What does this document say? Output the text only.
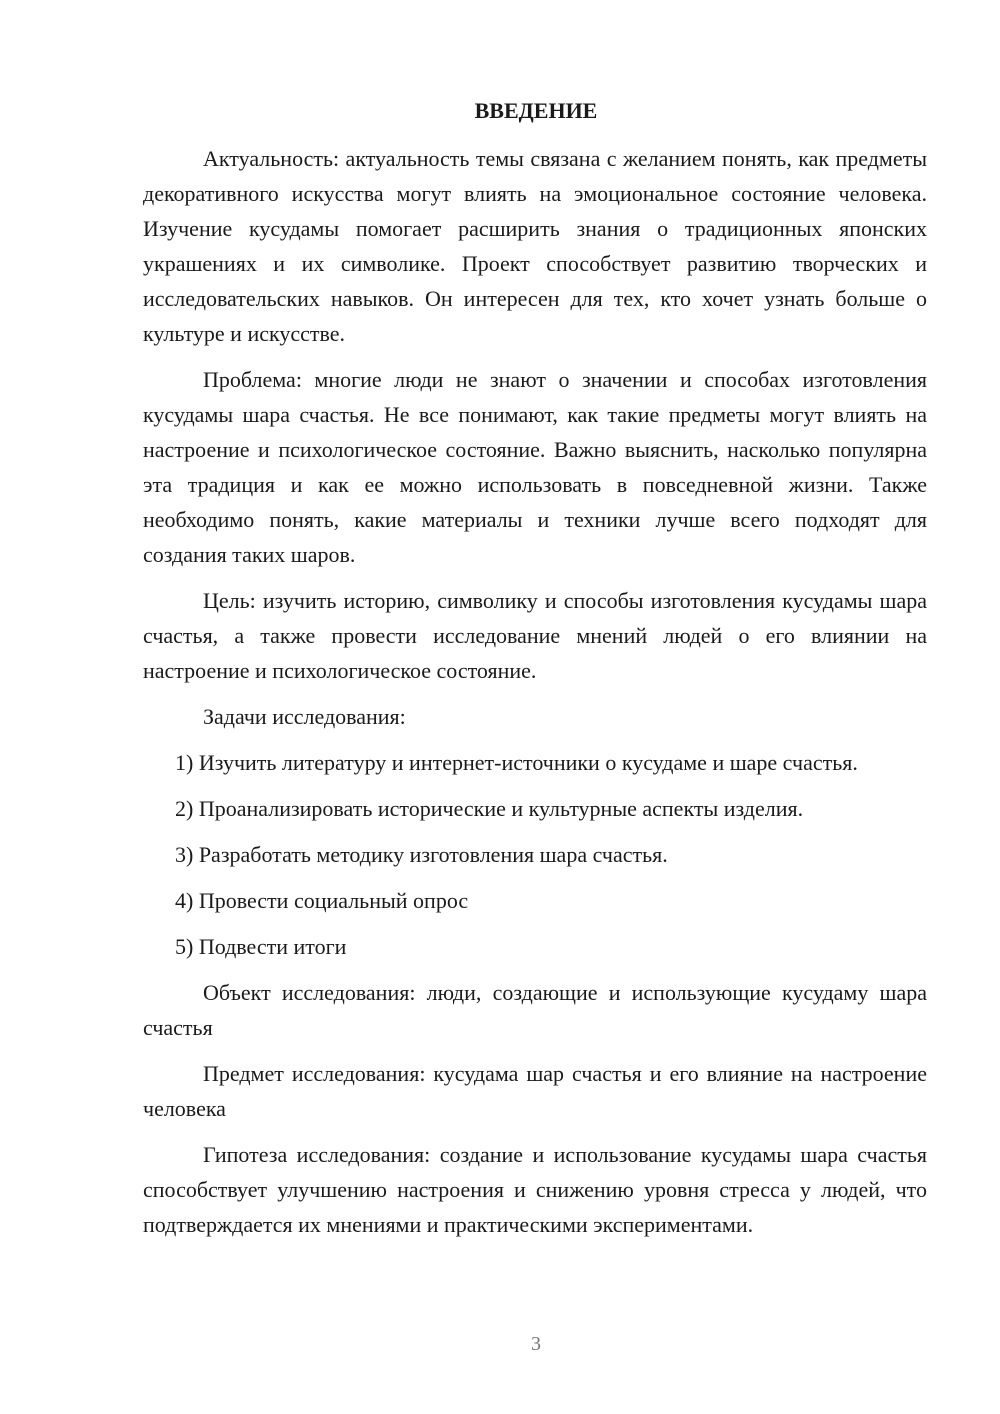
ВВЕДЕНИЕ

Актуальность: актуальность темы связана с желанием понять, как предметы декоративного искусства могут влиять на эмоциональное состояние человека. Изучение кусудамы помогает расширить знания о традиционных японских украшениях и их символике. Проект способствует развитию творческих и исследовательских навыков. Он интересен для тех, кто хочет узнать больше о культуре и искусстве.

Проблема: многие люди не знают о значении и способах изготовления кусудамы шара счастья. Не все понимают, как такие предметы могут влиять на настроение и психологическое состояние. Важно выяснить, насколько популярна эта традиция и как ее можно использовать в повседневной жизни. Также необходимо понять, какие материалы и техники лучше всего подходят для создания таких шаров.

Цель: изучить историю, символику и способы изготовления кусудамы шара счастья, а также провести исследование мнений людей о его влиянии на настроение и психологическое состояние.

Задачи исследования:

1) Изучить литературу и интернет-источники о кусудаме и шаре счастья.

2) Проанализировать исторические и культурные аспекты изделия.

3) Разработать методику изготовления шара счастья.

4) Провести социальный опрос

5) Подвести итоги

Объект исследования: люди, создающие и использующие кусудаму шара счастья

Предмет исследования: кусудама шар счастья и его влияние на настроение человека

Гипотеза исследования: создание и использование кусудамы шара счастья способствует улучшению настроения и снижению уровня стресса у людей, что подтверждается их мнениями и практическими экспериментами.

3
